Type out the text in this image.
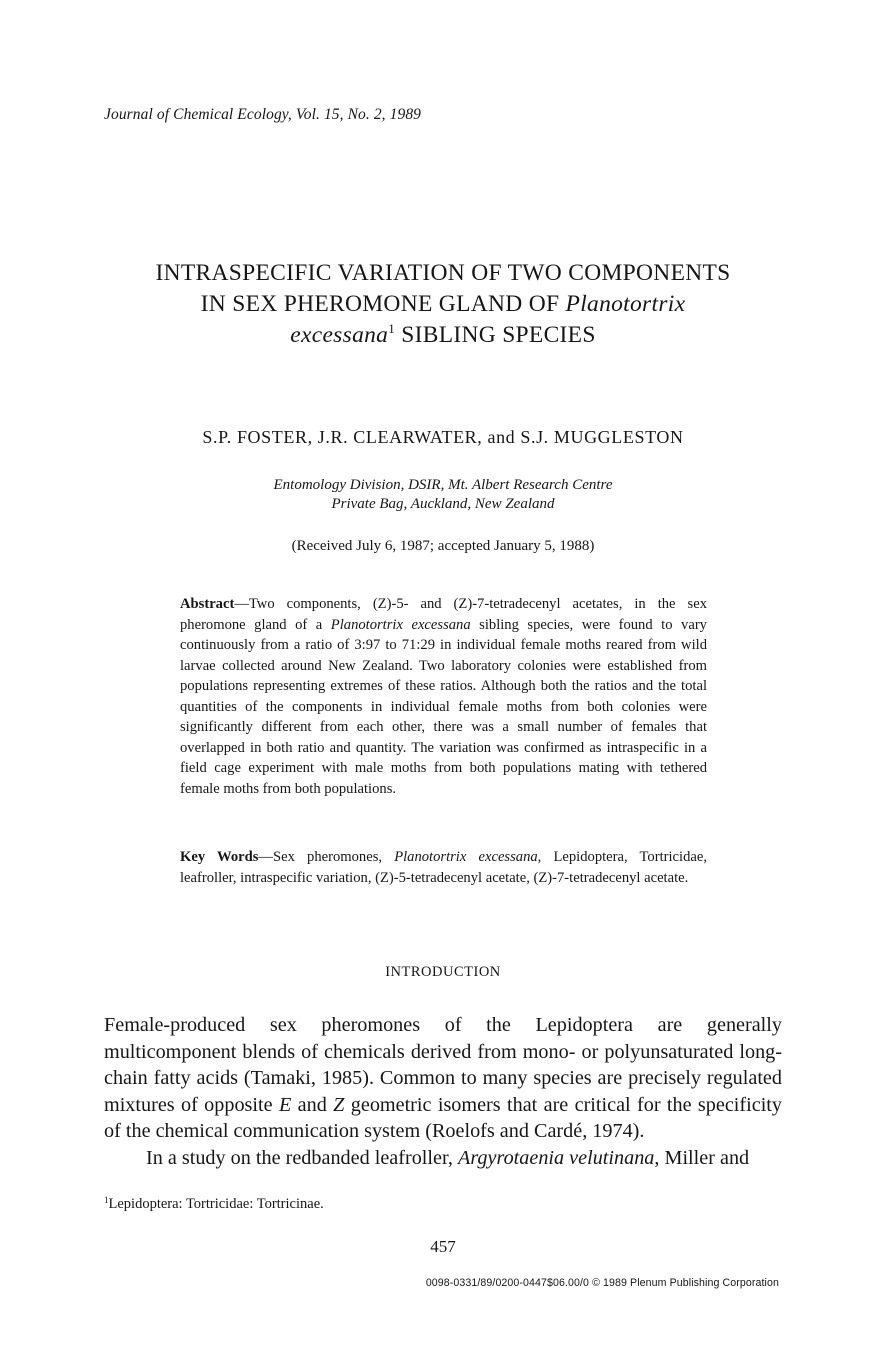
Journal of Chemical Ecology, Vol. 15, No. 2, 1989
INTRASPECIFIC VARIATION OF TWO COMPONENTS
IN SEX PHEROMONE GLAND OF Planotortrix
excessana$^1$ SIBLING SPECIES
S.P. FOSTER, J.R. CLEARWATER, and S.J. MUGGLESTON
Entomology Division, DSIR, Mt. Albert Research Centre
Private Bag, Auckland, New Zealand
(Received July 6, 1987; accepted January 5, 1988)
Abstract—Two components, (Z)-5- and (Z)-7-tetradecenyl acetates, in the sex pheromone gland of a Planotortrix excessana sibling species, were found to vary continuously from a ratio of 3:97 to 71:29 in individual female moths reared from wild larvae collected around New Zealand. Two laboratory colonies were established from populations representing extremes of these ratios. Although both the ratios and the total quantities of the components in individual female moths from both colonies were significantly different from each other, there was a small number of females that overlapped in both ratio and quantity. The variation was confirmed as intraspecific in a field cage experiment with male moths from both populations mating with tethered female moths from both populations.
Key Words—Sex pheromones, Planotortrix excessana, Lepidoptera, Tortricidae, leafroller, intraspecific variation, (Z)-5-tetradecenyl acetate, (Z)-7-tetradecenyl acetate.
INTRODUCTION

Female-produced sex pheromones of the Lepidoptera are generally multicomponent blends of chemicals derived from mono- or polyunsaturated long-chain fatty acids (Tamaki, 1985). Common to many species are precisely regulated mixtures of opposite E and Z geometric isomers that are critical for the specificity of the chemical communication system (Roelofs and Cardé, 1974).

In a study on the redbanded leafroller, Argyrotaenia velutinana, Miller and

$^1$Lepidoptera: Tortricidae: Tortricinae.
457
0098-0331/89/0200-0447$06.00/0 © 1989 Plenum Publishing Corporation
